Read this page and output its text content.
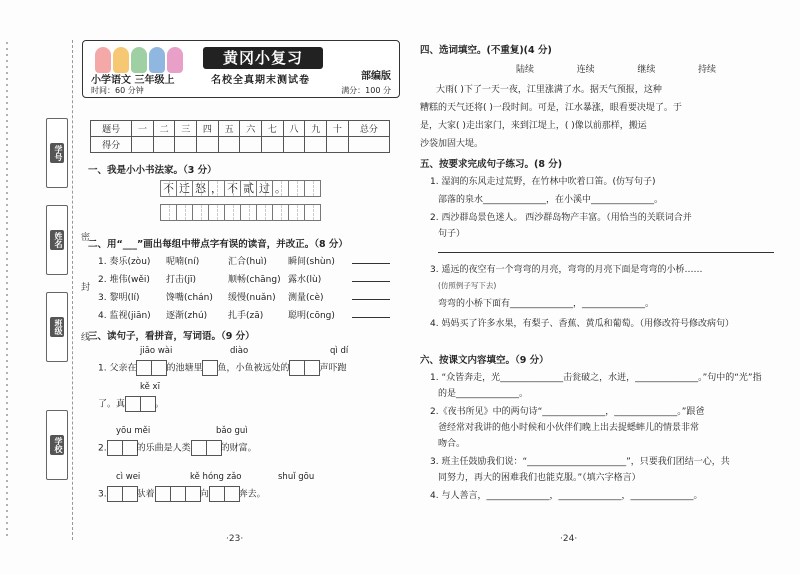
学号
姓名
班级
学校
密
封
线
黄冈小复习
部编版
小学语文 三年级上	名校全真期末测试卷
时间：60 分钟	满分：100 分
题号	一	二	三	四	五	六	七	八	九	十	总分
得分											
一、我是小小书法家。（3 分）
不 迁 怒 ， 不 贰 过 。
二、用“___”画出每组中带点字有误的读音，并改正。（8 分）
1. 奏乐(zòu) 呢喃(ní)	汇合(huì) 瞬间(shùn)
2. 堆伟(wěi) 打击(jī)	顺畅(chāng) 露水(lù)
3. 黎明(lí)	馋嘴(chán) 缓慢(nuǎn) 测量(cè)
4. 监视(jiān) 逐渐(zhú) 扎手(zā)	聪明(cōng)
三、读句子，看拼音，写词语。（9 分）
jiāo wài	diào	qì dí
1. 父亲在	的池塘里 鱼，小鱼被远处的	声吓跑
kě xī
了。真	。
yōu měi	bǎo guì
2.	的乐曲是人类	的财富。
cì wei	kě hóng zǎo	shuǐ gōu
3.	驮着	向	奔去。
·23·
四、选词填空。(不重复)(4 分)
陆续	连续	继续	持续
大雨( )下了一天一夜，江里涨满了水。据天气预报，这种
糟糕的天气还将( )一段时间。可是，江水暴涨，眼看要决堤了。于
是，大家( )走出家门，来到江堤上，( )像以前那样，搬运
沙袋加固大堤。
五、按要求完成句子练习。(8 分)
1. 湿润的东风走过荒野，在竹林中吹着口笛。(仿写句子)
部落的泉水______________，在小溪中______________。
2. 西沙群岛景色迷人。 西沙群岛物产丰富。（用恰当的关联词合并
句子）
3. 遥远的夜空有一个弯弯的月亮，弯弯的月亮下面是弯弯的小桥……
(仿照例子写下去)
弯弯的小桥下面有______________，______________。
4. 妈妈买了许多水果，有梨子、香蕉、黄瓜和葡萄。（用修改符号修改病句）
六、按课文内容填空。（9 分）
1. “众皆奔走，光______________击瓮破之，水迸，______________。”句中的“光”指
的是______________。
2.《夜书所见》中的两句诗“______________，______________。”跟爸
爸经常对我讲的他小时候和小伙伴们晚上出去捉蟋蟀儿的情景非常
吻合。
3. 班主任鼓励我们说：“______________________”，只要我们团结一心，共
同努力，再大的困难我们也能克服。”（填六字格言）
4. 与人善言，______________，______________，______________。
·24·
